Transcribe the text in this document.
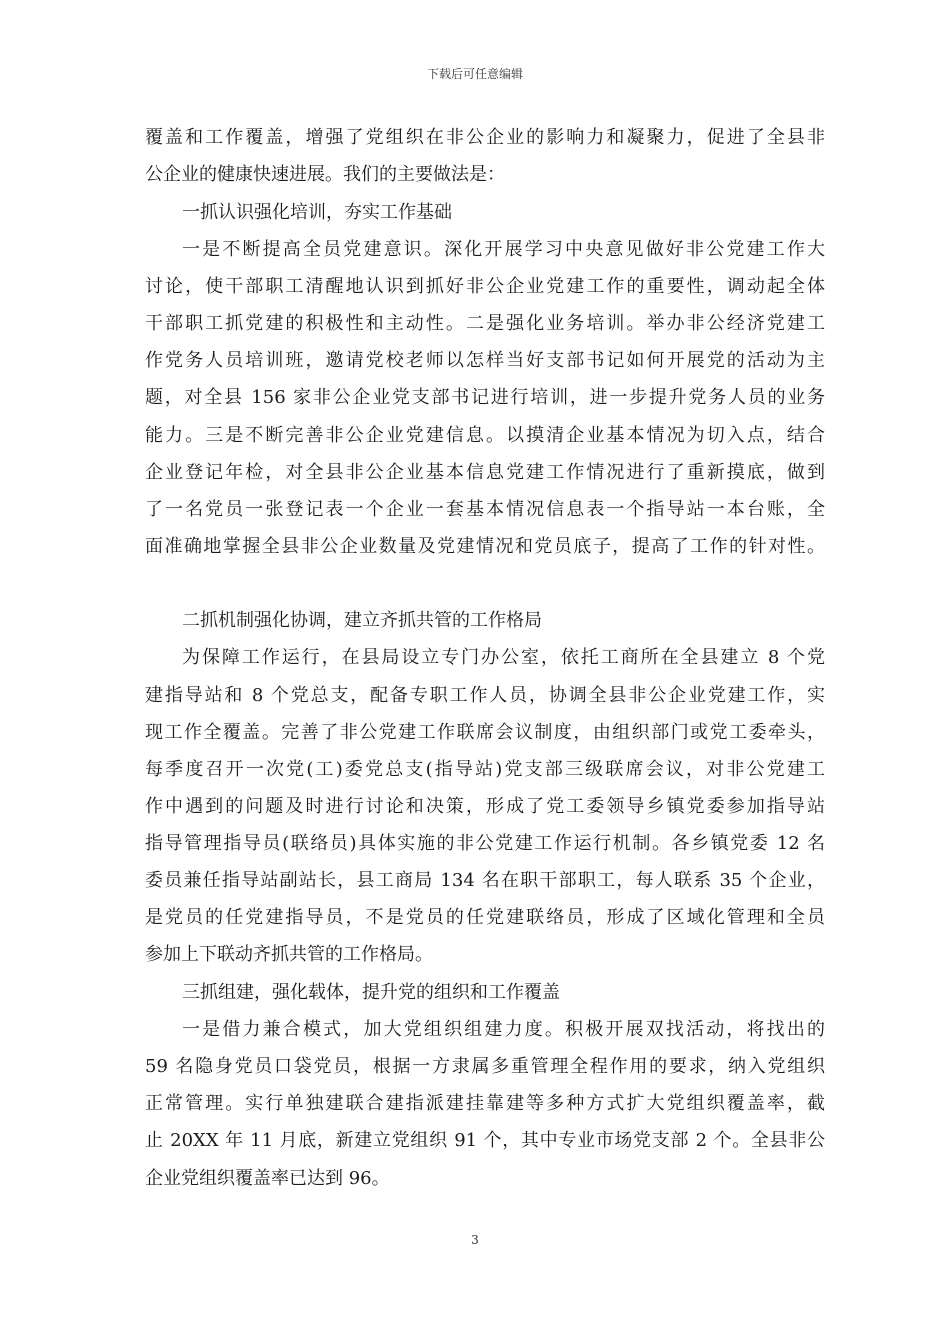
下载后可任意编辑
覆盖和工作覆盖，增强了党组织在非公企业的影响力和凝聚力，促进了全县非
公企业的健康快速进展。我们的主要做法是：
一抓认识强化培训，夯实工作基础
一是不断提高全员党建意识。深化开展学习中央意见做好非公党建工作大
讨论，使干部职工清醒地认识到抓好非公企业党建工作的重要性，调动起全体
干部职工抓党建的积极性和主动性。二是强化业务培训。举办非公经济党建工
作党务人员培训班，邀请党校老师以怎样当好支部书记如何开展党的活动为主
题，对全县 156 家非公企业党支部书记进行培训，进一步提升党务人员的业务
能力。三是不断完善非公企业党建信息。以摸清企业基本情况为切入点，结合
企业登记年检，对全县非公企业基本信息党建工作情况进行了重新摸底，做到
了一名党员一张登记表一个企业一套基本情况信息表一个指导站一本台账，全
面准确地掌握全县非公企业数量及党建情况和党员底子，提高了工作的针对性。
二抓机制强化协调，建立齐抓共管的工作格局
为保障工作运行，在县局设立专门办公室，依托工商所在全县建立 8 个党
建指导站和 8 个党总支，配备专职工作人员，协调全县非公企业党建工作，实
现工作全覆盖。完善了非公党建工作联席会议制度，由组织部门或党工委牵头，
每季度召开一次党(工)委党总支(指导站)党支部三级联席会议，对非公党建工
作中遇到的问题及时进行讨论和决策，形成了党工委领导乡镇党委参加指导站
指导管理指导员(联络员)具体实施的非公党建工作运行机制。各乡镇党委 12 名
委员兼任指导站副站长，县工商局 134 名在职干部职工，每人联系 35 个企业，
是党员的任党建指导员，不是党员的任党建联络员，形成了区域化管理和全员
参加上下联动齐抓共管的工作格局。
三抓组建，强化载体，提升党的组织和工作覆盖
一是借力兼合模式，加大党组织组建力度。积极开展双找活动，将找出的
59 名隐身党员口袋党员，根据一方隶属多重管理全程作用的要求，纳入党组织
正常管理。实行单独建联合建指派建挂靠建等多种方式扩大党组织覆盖率，截
止 20XX 年 11 月底，新建立党组织 91 个，其中专业市场党支部 2 个。全县非公
企业党组织覆盖率已达到 96。
3
